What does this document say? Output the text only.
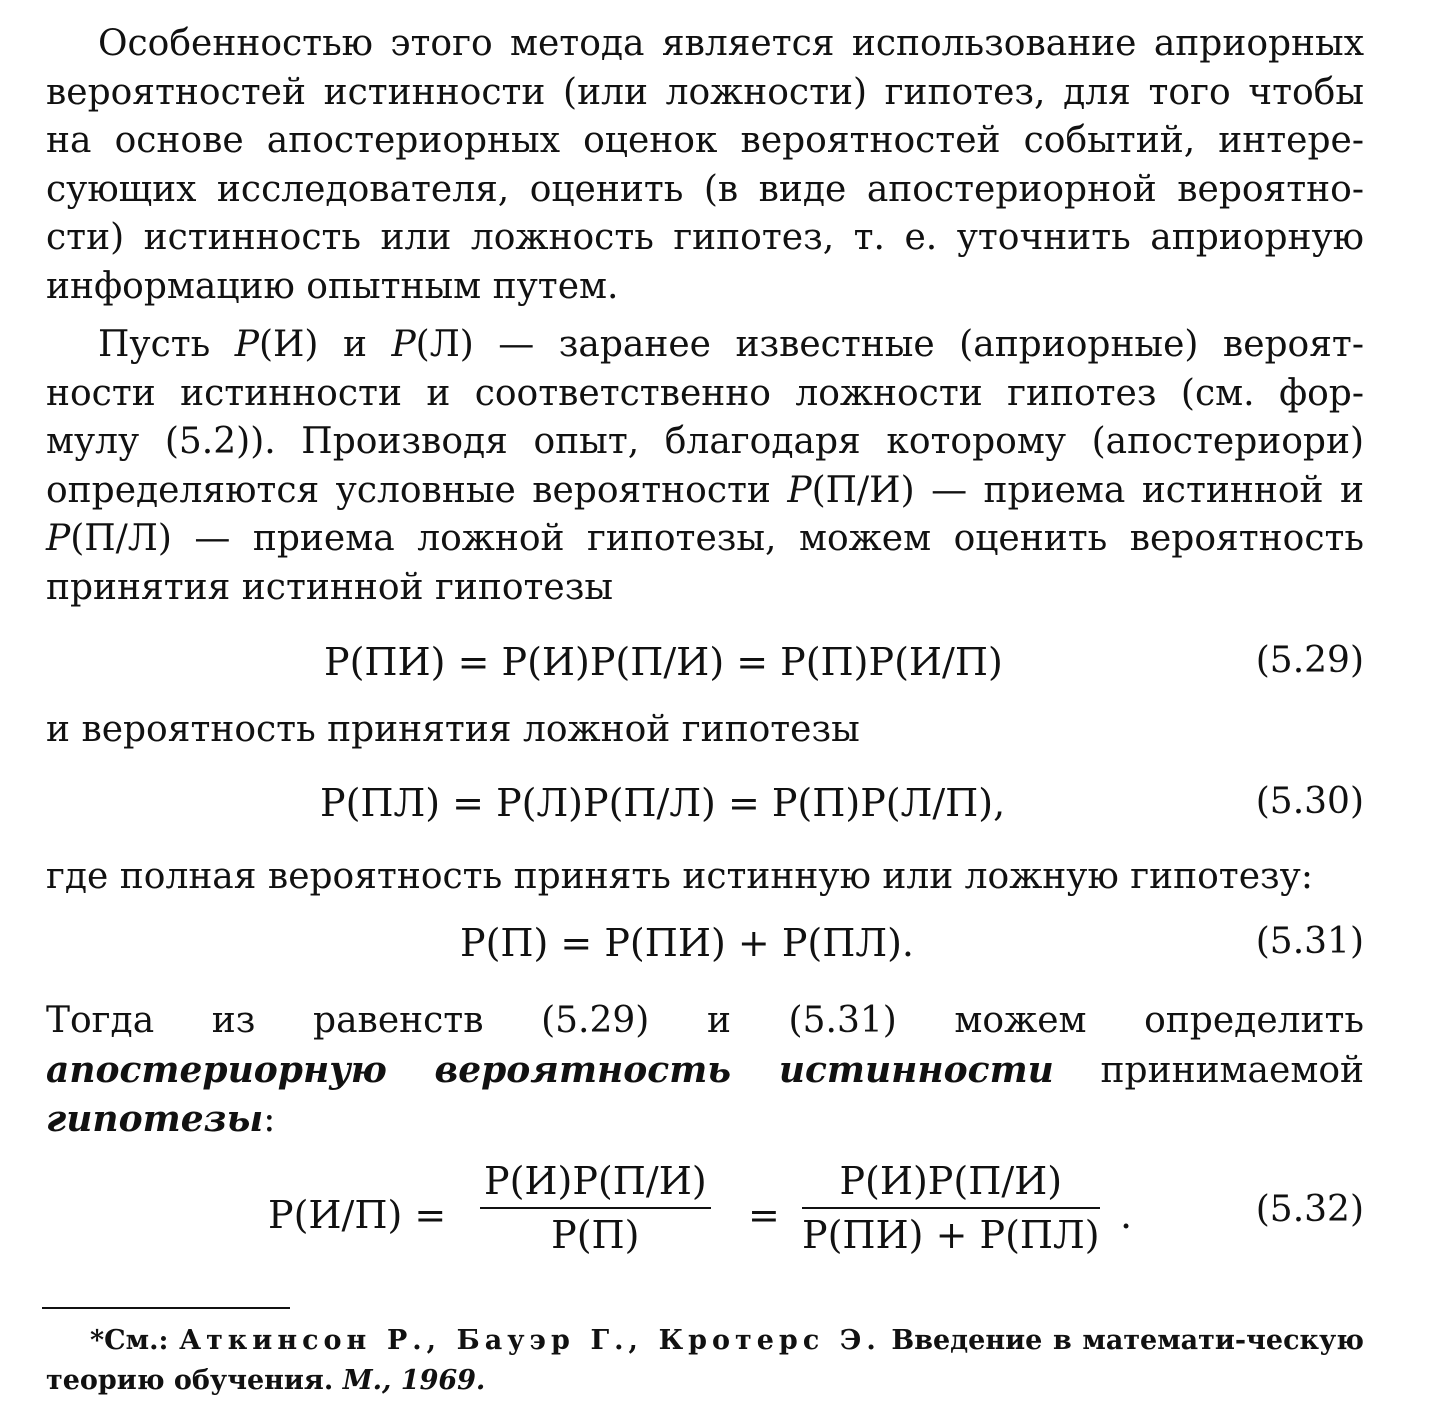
Особенностью этого метода является использование априорных вероятностей истинности (или ложности) гипотез, для того чтобы на основе апостериорных оценок вероятностей событий, интере-сующих исследователя, оценить (в виде апостериорной вероятно-сти) истинность или ложность гипотез, т. е. уточнить априорную информацию опытным путем.

Пусть P(И) и P(Л) — заранее известные (априорные) вероят-ности истинности и соответственно ложности гипотез (см. фор-мулу (5.2)). Производя опыт, благодаря которому (апостериори) определяются условные вероятности P(П/И) — приема истинной и P(П/Л) — приема ложной гипотезы, можем оценить вероятность принятия истинной гипотезы

P(ПИ) = P(И)P(П/И) = P(П)P(И/П)	(5.29)

и вероятность принятия ложной гипотезы

P(ПЛ) = P(Л)P(П/Л) = P(П)P(Л/П),	(5.30)

где полная вероятность принять истинную или ложную гипотезу:

P(П) = P(ПИ) + P(ПЛ).	(5.31)

Тогда из равенств (5.29) и (5.31) можем определить апостериорную вероятность истинности принимаемой гипотезы:

P(И/П) =
P(И)P(П/И)
P(П)	=
P(И)P(П/И)
P(ПИ) + P(ПЛ) .	(5.32)

*См.: Аткинсон Р., Бауэр Г., Кротерс Э. Введение в математи-ческую теорию обучения. М., 1969.
